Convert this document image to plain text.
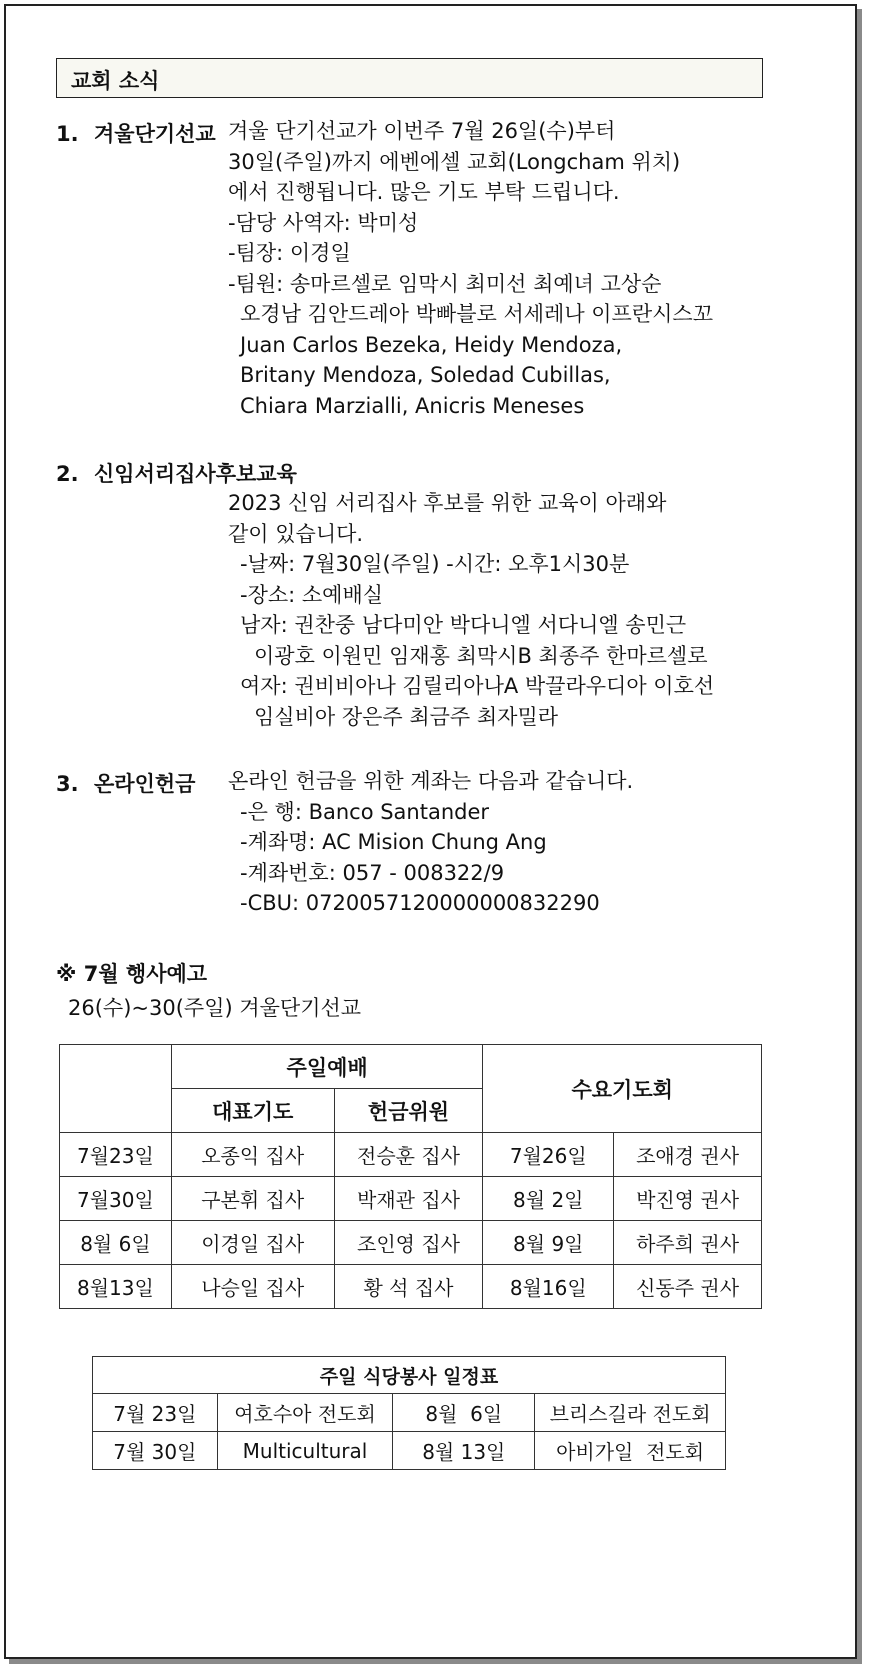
교회 소식
1. 겨울단기선교 겨울 단기선교가 이번주 7월 26일(수)부터
30일(주일)까지 에벤에셀 교회(Longcham 위치)
에서 진행됩니다. 많은 기도 부탁 드립니다.
-담당 사역자: 박미성
-팀장: 이경일
-팀원: 송마르셀로 임막시 최미선 최예녀 고상순
오경남 김안드레아 박빠블로 서세레나 이프란시스꼬
Juan Carlos Bezeka, Heidy Mendoza,
Britany Mendoza, Soledad Cubillas,
Chiara Marzialli, Anicris Meneses
2. 신임서리집사후보교육
2023 신임 서리집사 후보를 위한 교육이 아래와
같이 있습니다.
-날짜: 7월30일(주일) -시간: 오후1시30분
-장소: 소예배실
남자: 권찬중 남다미안 박다니엘 서다니엘 송민근
이광호 이원민 임재홍 최막시B 최종주 한마르셀로
여자: 권비비아나 김릴리아나A 박끌라우디아 이호선
임실비아 장은주 최금주 최자밀라
3. 온라인헌금 온라인 헌금을 위한 계좌는 다음과 같습니다.
-은 행: Banco Santander
-계좌명: AC Mision Chung Ang
-계좌번호: 057 - 008322/9
-CBU: 0720057120000000832290
※ 7월 행사예고
26(수)~30(주일) 겨울단기선교
	주일예배		수요기도회	
	대표기도	헌금위원		
7월23일	오종익 집사	전승훈 집사	7월26일	조애경 권사
7월30일	구본휘 집사	박재관 집사	8월 2일	박진영 권사
8월 6일	이경일 집사	조인영 집사	8월 9일	하주희 권사
8월13일	나승일 집사	황 석 집사	8월16일	신동주 권사
주일 식당봉사 일정표			
7월 23일	여호수아 전도회	8월  6일	브리스길라 전도회
7월 30일	Multicultural	8월 13일	아비가일  전도회
